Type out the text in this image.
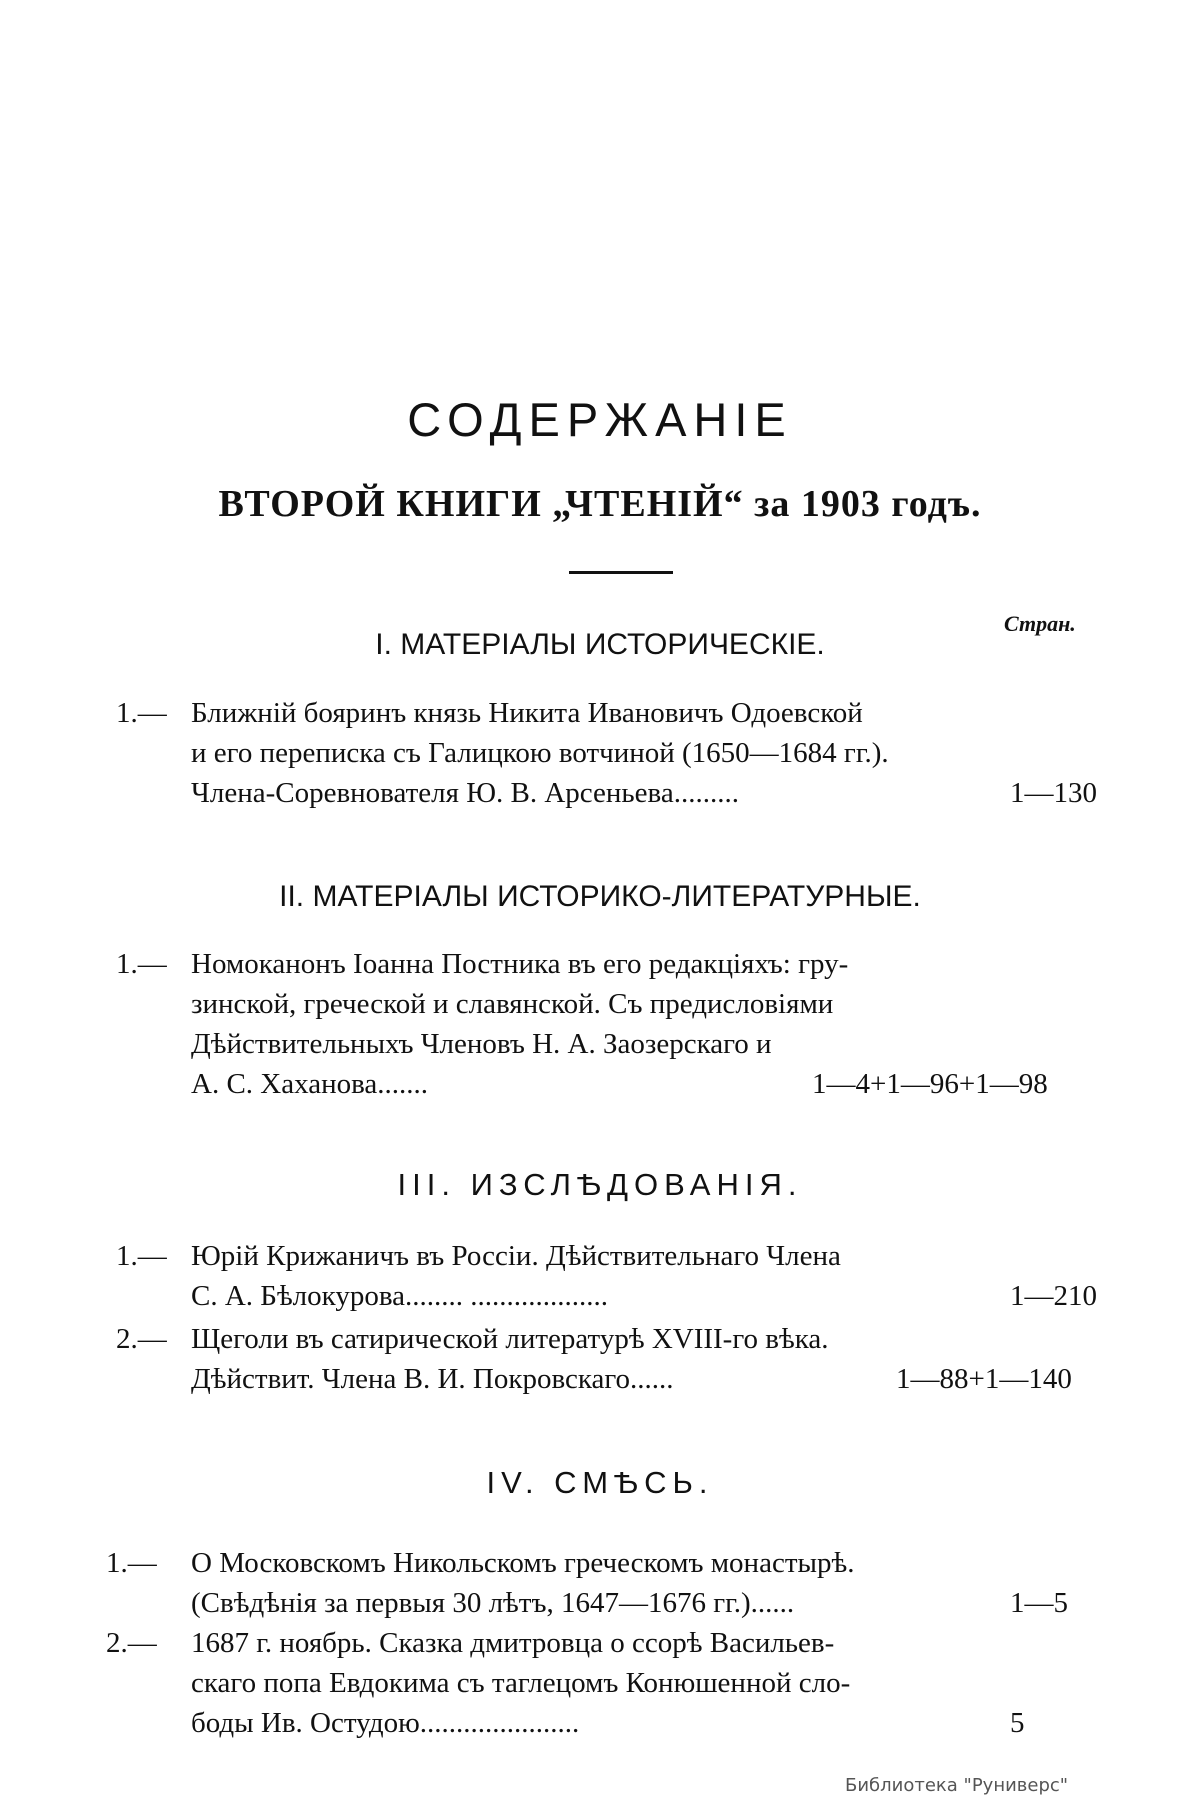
СОДЕРЖАНІЕ
ВТОРОЙ КНИГИ „ЧТЕНІЙ“ за 1903 годъ.
Стран.
I. МАТЕРІАЛЫ ИСТОРИЧЕСКІЕ.
1.— Ближній бояринъ князь Никита Ивановичъ Одоевской
и его переписка съ Галицкою вотчиной (1650—1684 гг.).
Члена-Соревнователя Ю. В. Арсеньева.........	1—130
II. МАТЕРІАЛЫ ИСТОРИКО-ЛИТЕРАТУРНЫЕ.
1.— Номоканонъ Іоанна Постника въ его редакціяхъ: гру-
зинской, греческой и славянской. Съ предисловіями
Дѣйствительныхъ Членовъ Н. А. Заозерскаго и
А. С. Хаханова.......	1—4+1—96+1—98
III. ИЗСЛѢДОВАНІЯ.
1.— Юрій Крижаничъ въ Россіи. Дѣйствительнаго Члена
С. А. Бѣлокурова........ ...................	1—210
2.— Щеголи въ сатирической литературѣ XVIII-го вѣка.
Дѣйствит. Члена В. И. Покровскаго......	1—88+1—140
IV. СМѢСЬ.
1.— О Московскомъ Никольскомъ греческомъ монастырѣ.
(Свѣдѣнія за первыя 30 лѣтъ, 1647—1676 гг.)......	1—5
2.— 1687 г. ноябрь. Сказка дмитровца о ссорѣ Васильев-
скаго попа Евдокима съ таглецомъ Конюшенной сло-
боды Ив. Остудою......................	5
Библиотека "Руниверс"
